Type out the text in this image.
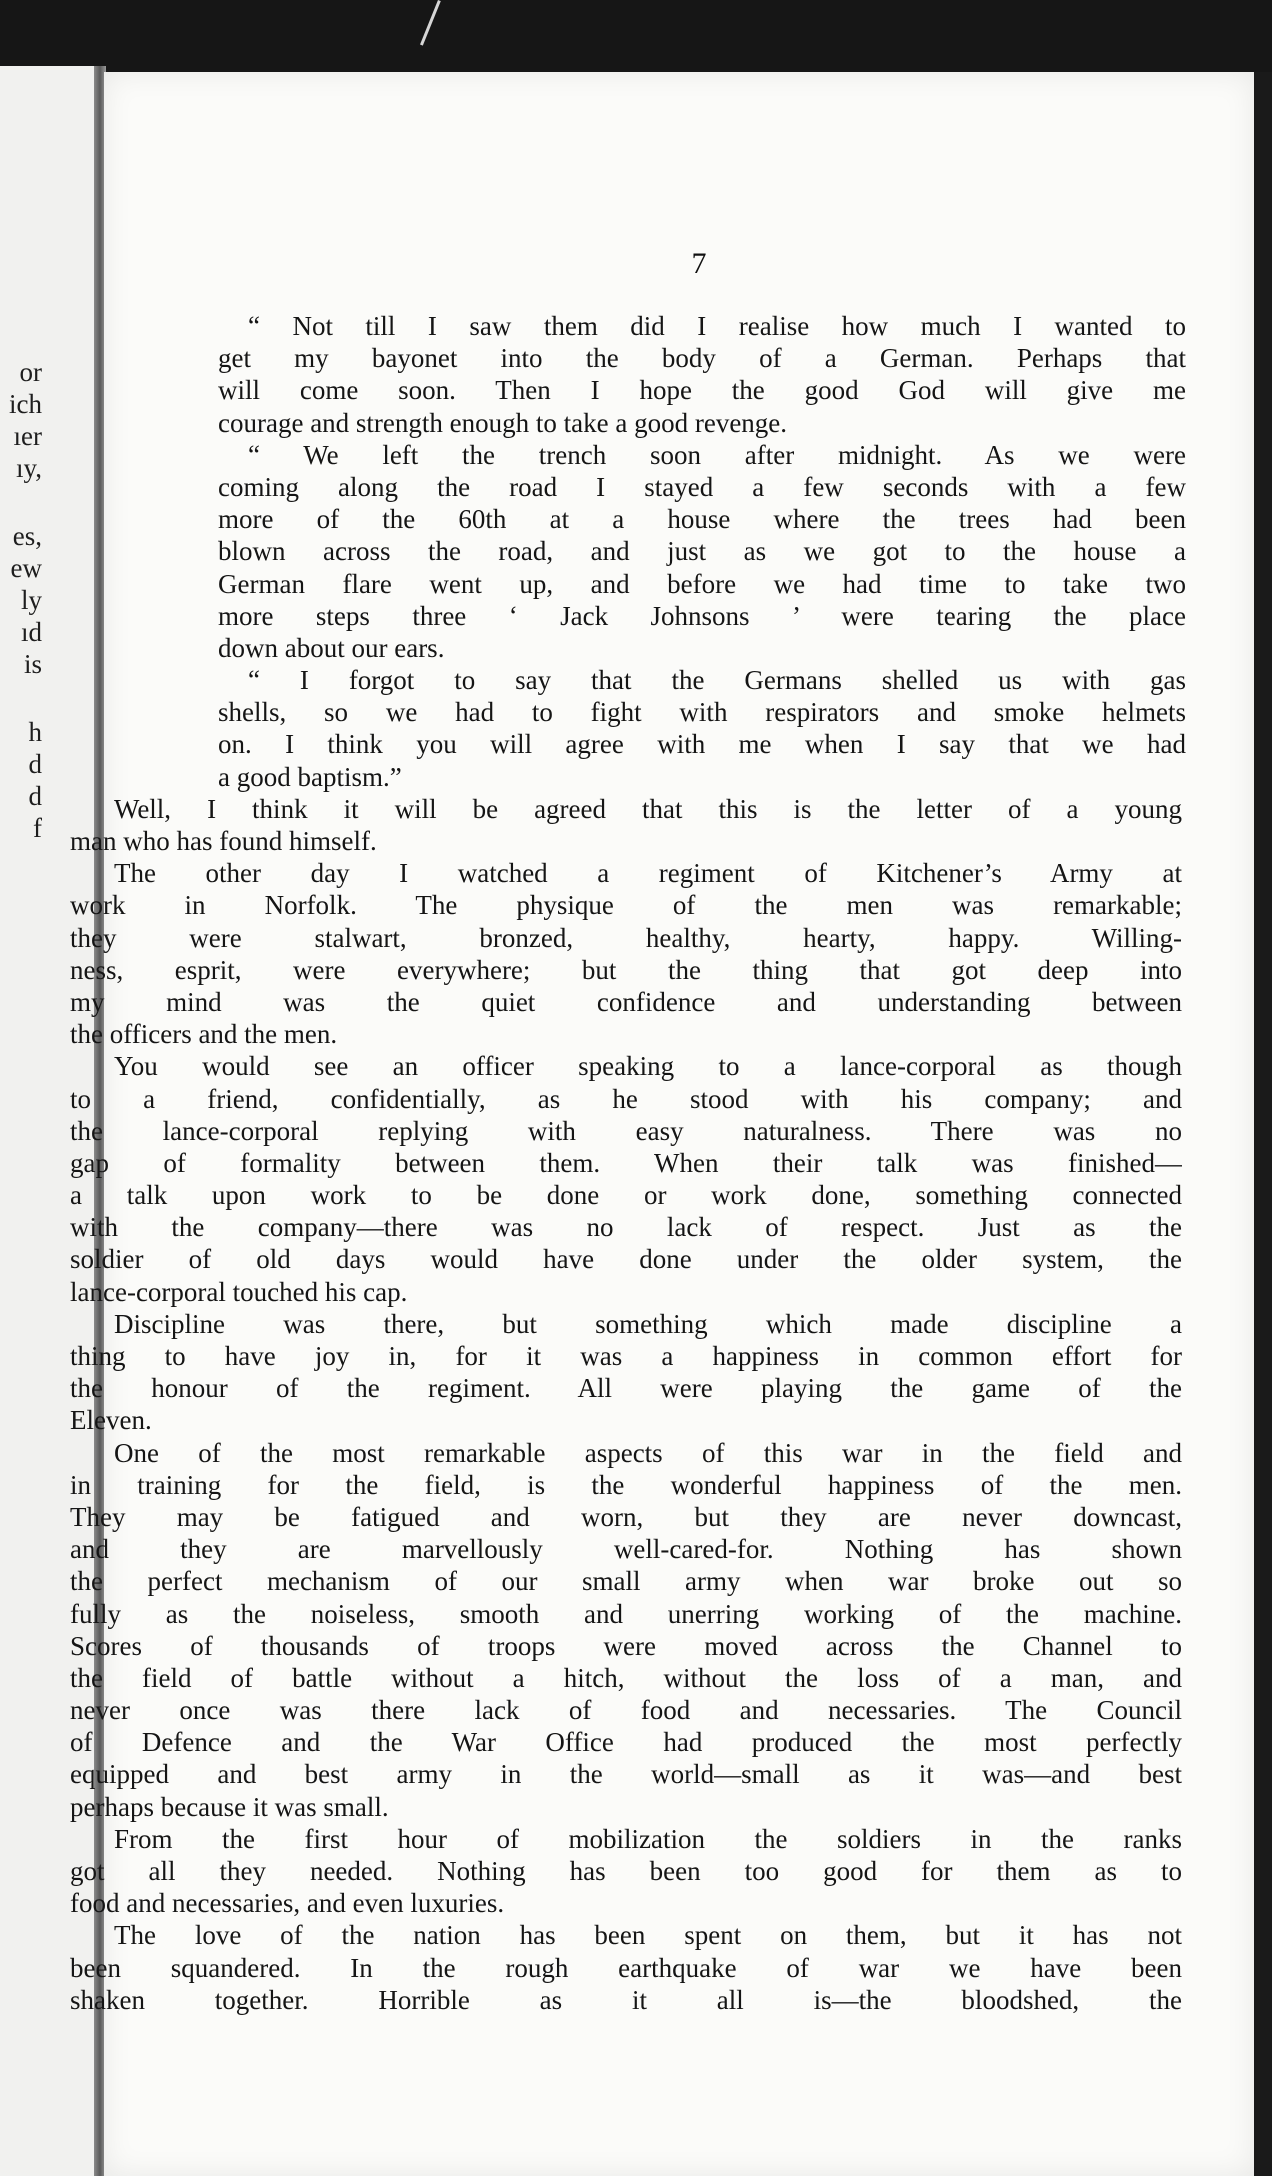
or
ich
ıer
ıy,
es,
ew
ly
ıd
is
h
d
d
f
7
“ Not till I saw them did I realise how much I wanted to
get my bayonet into the body of a German. Perhaps that
will come soon. Then I hope the good God will give me
courage and strength enough to take a good revenge.
“ We left the trench soon after midnight. As we were
coming along the road I stayed a few seconds with a few
more of the 60th at a house where the trees had been
blown across the road, and just as we got to the house a
German flare went up, and before we had time to take two
more steps three ‘ Jack Johnsons ’ were tearing the place
down about our ears.
“ I forgot to say that the Germans shelled us with gas
shells, so we had to fight with respirators and smoke helmets
on. I think you will agree with me when I say that we had
a good baptism.”
Well, I think it will be agreed that this is the letter of a young
man who has found himself.
The other day I watched a regiment of Kitchener’s Army at
work in Norfolk. The physique of the men was remarkable;
they were stalwart, bronzed, healthy, hearty, happy. Willing-
ness, esprit, were everywhere; but the thing that got deep into
my mind was the quiet confidence and understanding between
the officers and the men.
You would see an officer speaking to a lance-corporal as though
to a friend, confidentially, as he stood with his company; and
the lance-corporal replying with easy naturalness. There was no
gap of formality between them. When their talk was finished—
a talk upon work to be done or work done, something connected
with the company—there was no lack of respect. Just as the
soldier of old days would have done under the older system, the
lance-corporal touched his cap.
Discipline was there, but something which made discipline a
thing to have joy in, for it was a happiness in common effort for
the honour of the regiment. All were playing the game of the
Eleven.
One of the most remarkable aspects of this war in the field and
in training for the field, is the wonderful happiness of the men.
They may be fatigued and worn, but they are never downcast,
and they are marvellously well-cared-for. Nothing has shown
the perfect mechanism of our small army when war broke out so
fully as the noiseless, smooth and unerring working of the machine.
Scores of thousands of troops were moved across the Channel to
the field of battle without a hitch, without the loss of a man, and
never once was there lack of food and necessaries. The Council
of Defence and the War Office had produced the most perfectly
equipped and best army in the world—small as it was—and best
perhaps because it was small.
From the first hour of mobilization the soldiers in the ranks
got all they needed. Nothing has been too good for them as to
food and necessaries, and even luxuries.
The love of the nation has been spent on them, but it has not
been squandered. In the rough earthquake of war we have been
shaken together. Horrible as it all is—the bloodshed, the
